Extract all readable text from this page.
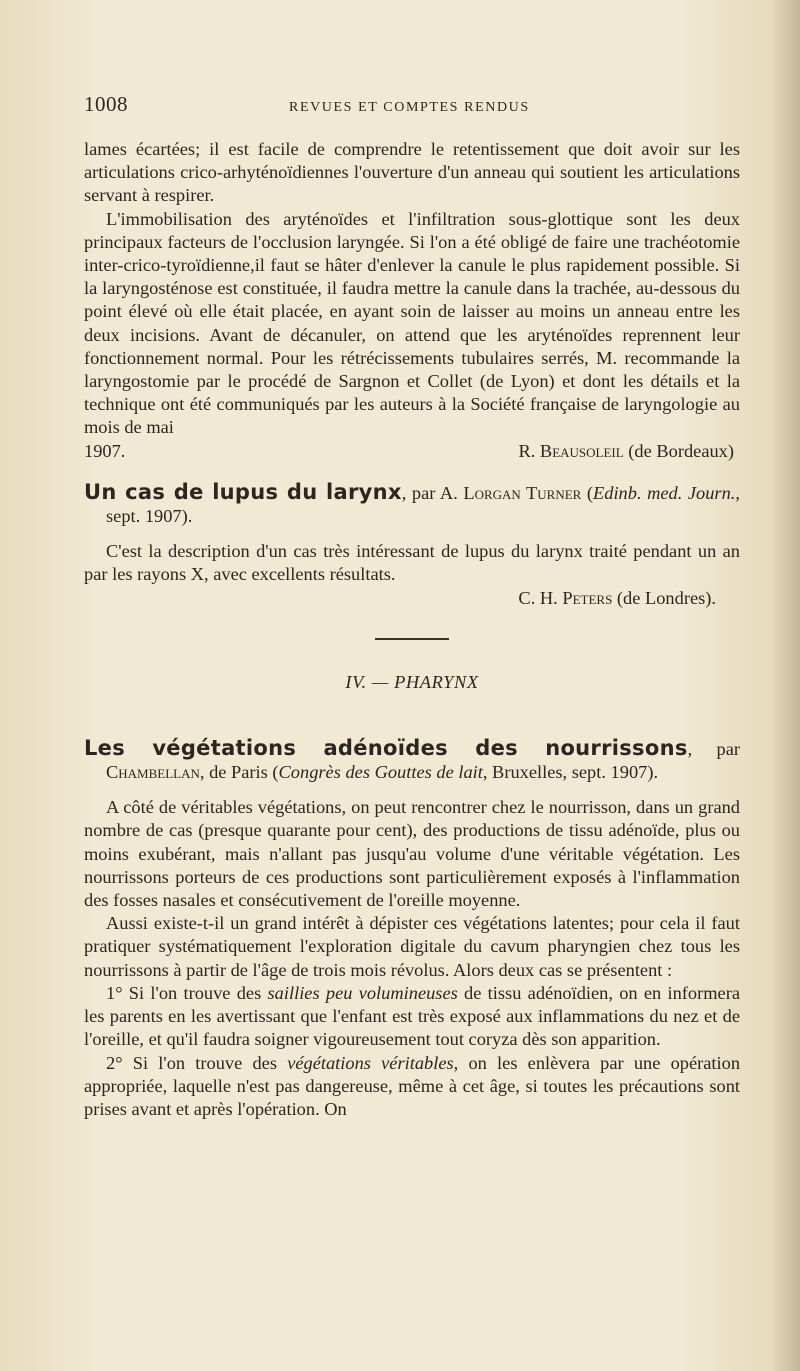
1008	REVUES ET COMPTES RENDUS

lames écartées; il est facile de comprendre le retentissement que doit avoir sur les articulations crico-arhyténoïdiennes l'ouverture d'un anneau qui soutient les articulations servant à respirer.

L'immobilisation des aryténoïdes et l'infiltration sous-glottique sont les deux principaux facteurs de l'occlusion laryngée. Si l'on a été obligé de faire une trachéotomie inter-crico-tyroïdienne,il faut se hâter d'enlever la canule le plus rapidement possible. Si la laryngosténose est constituée, il faudra mettre la canule dans la trachée, au-dessous du point élevé où elle était placée, en ayant soin de laisser au moins un anneau entre les deux incisions. Avant de décanuler, on attend que les aryténoïdes reprennent leur fonctionnement normal. Pour les rétrécissements tubulaires serrés, M. recommande la laryngostomie par le procédé de Sargnon et Collet (de Lyon) et dont les détails et la technique ont été communiqués par les auteurs à la Société française de laryngologie au mois de mai

1907.	R. Beausoleil (de Bordeaux)

Un cas de lupus du larynx, par A. Lorgan Turner (Edinb. med. Journ., sept. 1907).

C'est la description d'un cas très intéressant de lupus du larynx traité pendant un an par les rayons X, avec excellents résultats.

C. H. Peters (de Londres).
IV. — PHARYNX

Les végétations adénoïdes des nourrissons, par Chambellan, de Paris (Congrès des Gouttes de lait, Bruxelles, sept. 1907).

A côté de véritables végétations, on peut rencontrer chez le nourrisson, dans un grand nombre de cas (presque quarante pour cent), des productions de tissu adénoïde, plus ou moins exubérant, mais n'allant pas jusqu'au volume d'une véritable végétation. Les nourrissons porteurs de ces productions sont particulièrement exposés à l'inflammation des fosses nasales et consécutivement de l'oreille moyenne.

Aussi existe-t-il un grand intérêt à dépister ces végétations latentes; pour cela il faut pratiquer systématiquement l'exploration digitale du cavum pharyngien chez tous les nourrissons à partir de l'âge de trois mois révolus. Alors deux cas se présentent :

1° Si l'on trouve des saillies peu volumineuses de tissu adénoïdien, on en informera les parents en les avertissant que l'enfant est très exposé aux inflammations du nez et de l'oreille, et qu'il faudra soigner vigoureusement tout coryza dès son apparition.

2° Si l'on trouve des végétations véritables, on les enlèvera par une opération appropriée, laquelle n'est pas dangereuse, même à cet âge, si toutes les précautions sont prises avant et après l'opération. On
